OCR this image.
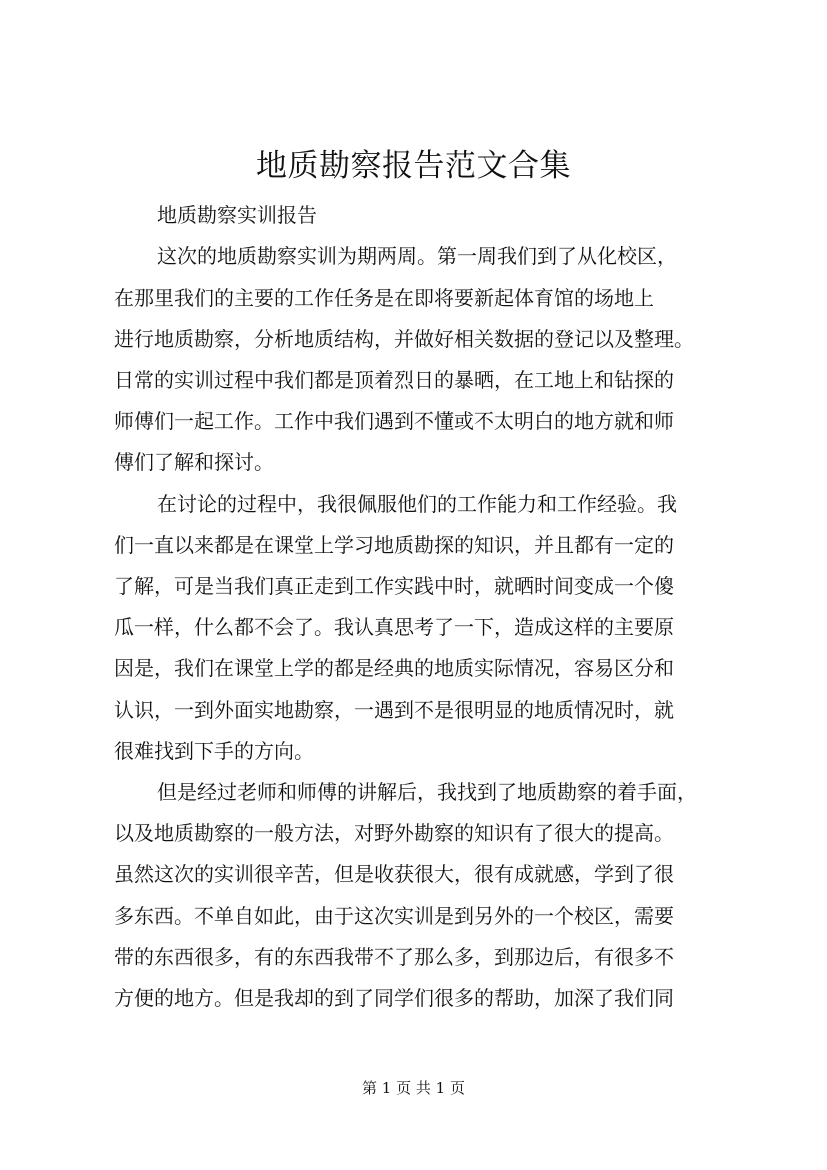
地质勘察报告范文合集

地质勘察实训报告

这次的地质勘察实训为期两周。第一周我们到了从化校区，

在那里我们的主要的工作任务是在即将要新起体育馆的场地上

进行地质勘察，分析地质结构，并做好相关数据的登记以及整理。

日常的实训过程中我们都是顶着烈日的暴晒，在工地上和钻探的

师傅们一起工作。工作中我们遇到不懂或不太明白的地方就和师

傅们了解和探讨。

在讨论的过程中，我很佩服他们的工作能力和工作经验。我

们一直以来都是在课堂上学习地质勘探的知识，并且都有一定的

了解，可是当我们真正走到工作实践中时，就晒时间变成一个傻

瓜一样，什么都不会了。我认真思考了一下，造成这样的主要原

因是，我们在课堂上学的都是经典的地质实际情况，容易区分和

认识，一到外面实地勘察，一遇到不是很明显的地质情况时，就

很难找到下手的方向。

但是经过老师和师傅的讲解后，我找到了地质勘察的着手面，

以及地质勘察的一般方法，对野外勘察的知识有了很大的提高。

虽然这次的实训很辛苦，但是收获很大，很有成就感，学到了很

多东西。不单自如此，由于这次实训是到另外的一个校区，需要

带的东西很多，有的东西我带不了那么多，到那边后，有很多不

方便的地方。但是我却的到了同学们很多的帮助，加深了我们同

第 1 页 共 1 页
